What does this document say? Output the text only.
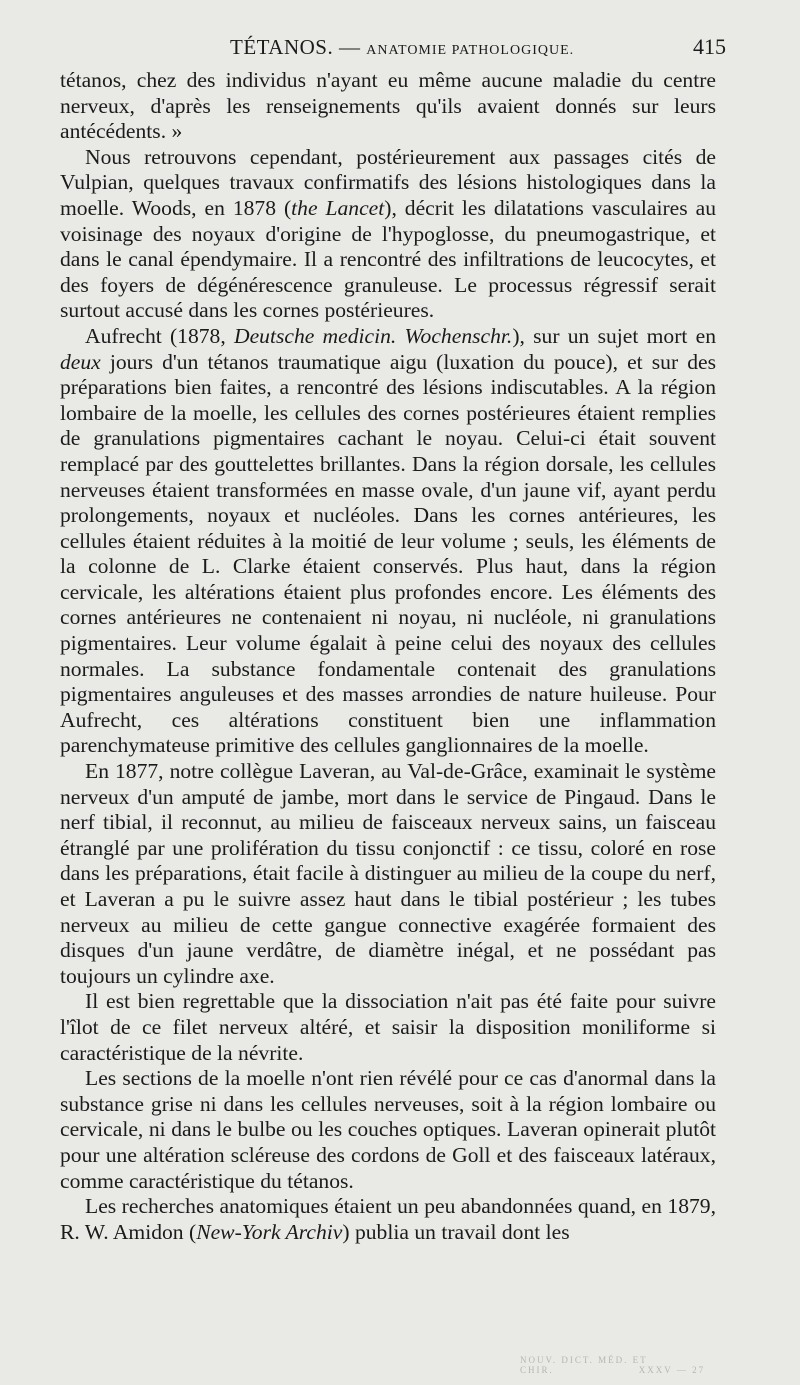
TÉTANOS. — ANATOMIE PATHOLOGIQUE.	415

tétanos, chez des individus n'ayant eu même aucune maladie du centre nerveux, d'après les renseignements qu'ils avaient donnés sur leurs antécédents. »

Nous retrouvons cependant, postérieurement aux passages cités de Vulpian, quelques travaux confirmatifs des lésions histologiques dans la moelle. Woods, en 1878 (the Lancet), décrit les dilatations vasculaires au voisinage des noyaux d'origine de l'hypoglosse, du pneumogastrique, et dans le canal épendymaire. Il a rencontré des infiltrations de leucocytes, et des foyers de dégénérescence granuleuse. Le processus régressif serait surtout accusé dans les cornes postérieures.

Aufrecht (1878, Deutsche medicin. Wochenschr.), sur un sujet mort en deux jours d'un tétanos traumatique aigu (luxation du pouce), et sur des préparations bien faites, a rencontré des lésions indiscutables. A la région lombaire de la moelle, les cellules des cornes postérieures étaient remplies de granulations pigmentaires cachant le noyau. Celui-ci était souvent remplacé par des gouttelettes brillantes. Dans la région dorsale, les cellules nerveuses étaient transformées en masse ovale, d'un jaune vif, ayant perdu prolongements, noyaux et nucléoles. Dans les cornes antérieures, les cellules étaient réduites à la moitié de leur volume ; seuls, les éléments de la colonne de L. Clarke étaient conservés. Plus haut, dans la région cervicale, les altérations étaient plus profondes encore. Les éléments des cornes antérieures ne contenaient ni noyau, ni nucléole, ni granulations pigmentaires. Leur volume égalait à peine celui des noyaux des cellules normales. La substance fondamentale contenait des granulations pigmentaires anguleuses et des masses arrondies de nature huileuse. Pour Aufrecht, ces altérations constituent bien une inflammation parenchymateuse primitive des cellules ganglionnaires de la moelle.

En 1877, notre collègue Laveran, au Val-de-Grâce, examinait le système nerveux d'un amputé de jambe, mort dans le service de Pingaud. Dans le nerf tibial, il reconnut, au milieu de faisceaux nerveux sains, un faisceau étranglé par une prolifération du tissu conjonctif : ce tissu, coloré en rose dans les préparations, était facile à distinguer au milieu de la coupe du nerf, et Laveran a pu le suivre assez haut dans le tibial postérieur ; les tubes nerveux au milieu de cette gangue connective exagérée formaient des disques d'un jaune verdâtre, de diamètre inégal, et ne possédant pas toujours un cylindre axe.

Il est bien regrettable que la dissociation n'ait pas été faite pour suivre l'îlot de ce filet nerveux altéré, et saisir la disposition moniliforme si caractéristique de la névrite.

Les sections de la moelle n'ont rien révélé pour ce cas d'anormal dans la substance grise ni dans les cellules nerveuses, soit à la région lombaire ou cervicale, ni dans le bulbe ou les couches optiques. Laveran opinerait plutôt pour une altération scléreuse des cordons de Goll et des faisceaux latéraux, comme caractéristique du tétanos.

Les recherches anatomiques étaient un peu abandonnées quand, en 1879, R. W. Amidon (New-York Archiv) publia un travail dont les

NOUV. DICT. MÉD. ET CHIR.	XXXV — 27
